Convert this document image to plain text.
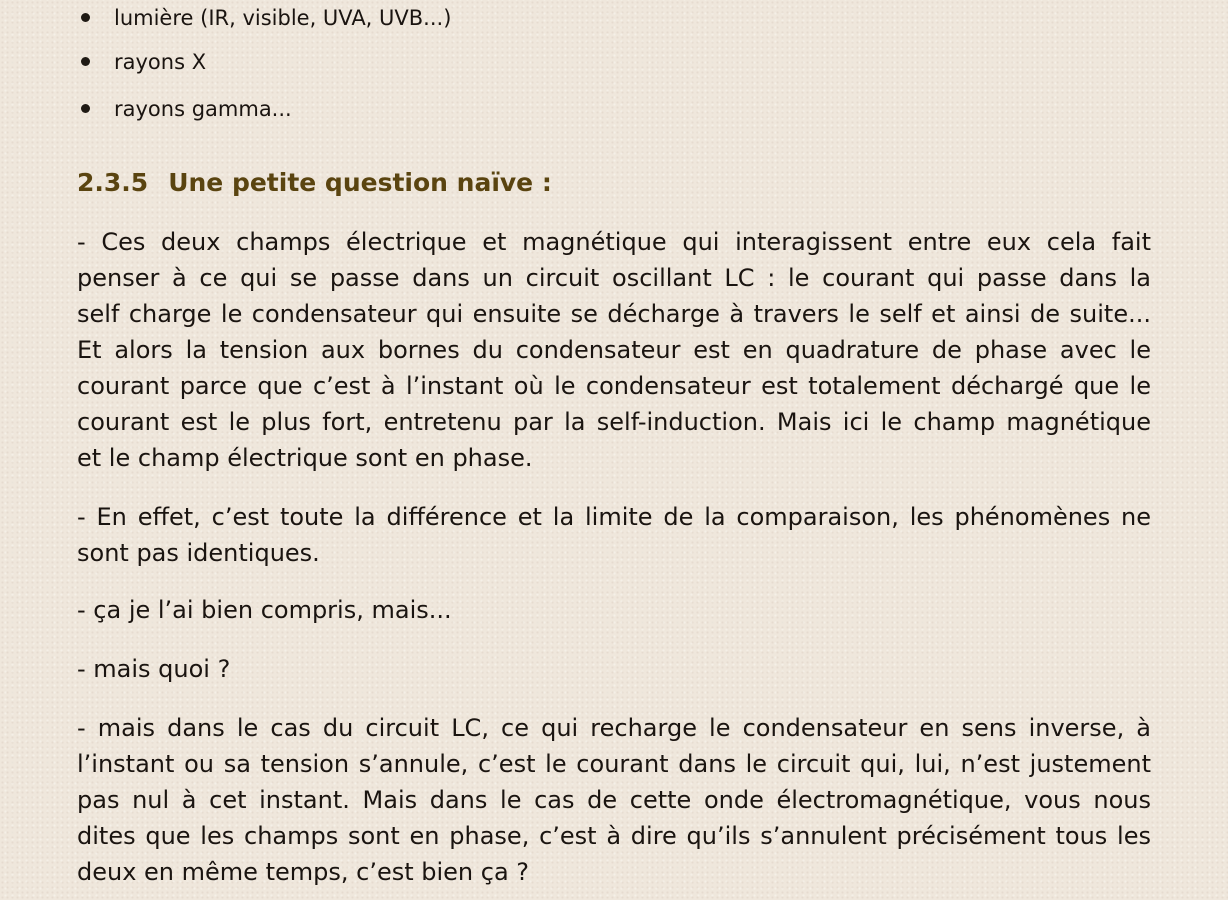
lumière (IR, visible, UVA, UVB...)
rayons X
rayons gamma...
2.3.5 Une petite question naïve :
- Ces deux champs électrique et magnétique qui interagissent entre eux cela fait
penser à ce qui se passe dans un circuit oscillant LC : le courant qui passe dans la
self charge le condensateur qui ensuite se décharge à travers le self et ainsi de suite...
Et alors la tension aux bornes du condensateur est en quadrature de phase avec le
courant parce que c’est à l’instant où le condensateur est totalement déchargé que le
courant est le plus fort, entretenu par la self-induction. Mais ici le champ magnétique
et le champ électrique sont en phase.
- En effet, c’est toute la différence et la limite de la comparaison, les phénomènes ne
sont pas identiques.
- ça je l’ai bien compris, mais...
- mais quoi ?
- mais dans le cas du circuit LC, ce qui recharge le condensateur en sens inverse, à
l’instant ou sa tension s’annule, c’est le courant dans le circuit qui, lui, n’est justement
pas nul à cet instant. Mais dans le cas de cette onde électromagnétique, vous nous
dites que les champs sont en phase, c’est à dire qu’ils s’annulent précisément tous les
deux en même temps, c’est bien ça ?
